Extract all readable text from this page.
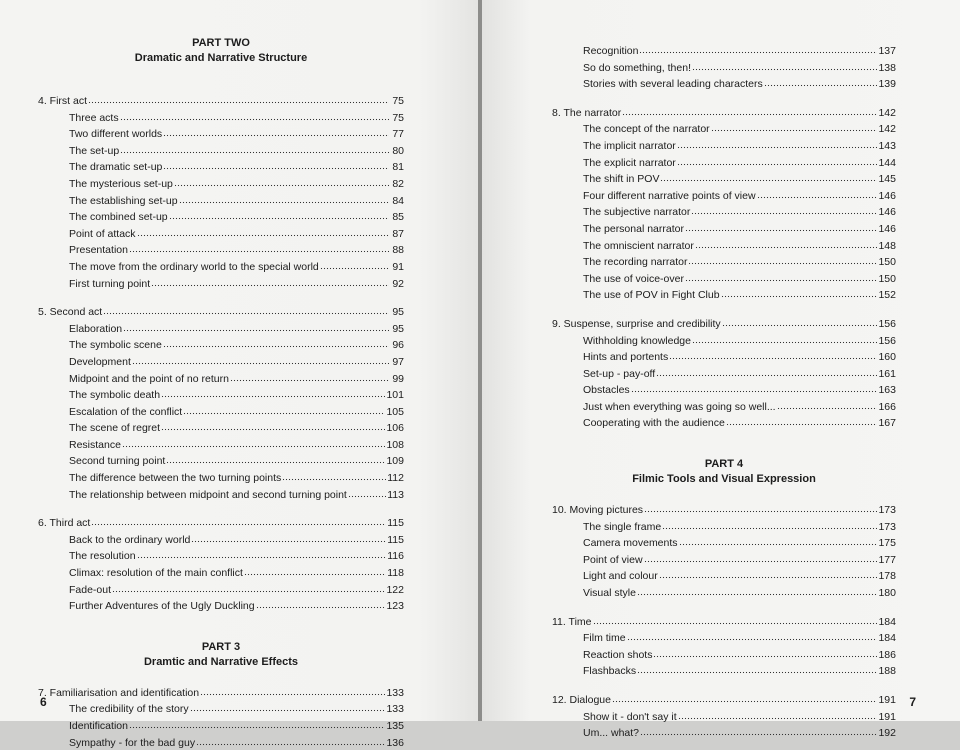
PART TWO
Dramatic and Narrative Structure
4. First act	75
Three acts	75
Two different worlds	77
The set-up	80
The dramatic set-up	81
The mysterious set-up	82
The establishing set-up	84
The combined set-up	85
Point of attack	87
Presentation	88
The move from the ordinary world to the special world	91
First turning point	92
5. Second act	95
Elaboration	95
The symbolic scene	96
Development	97
Midpoint and the point of no return	99
The symbolic death	101
Escalation of the conflict	105
The scene of regret	106
Resistance	108
Second turning point	109
The difference between the two turning points	112
The relationship between midpoint and second turning point	113
6. Third act	115
Back to the ordinary world	115
The resolution	116
Climax: resolution of the main conflict	118
Fade-out	122
Further Adventures of the Ugly Duckling	123
PART 3
Dramtic and Narrative Effects
7. Familiarisation and identification	133
The credibility of the story	133
Identification	135
Sympathy - for the bad guy	136
6	7
Recognition	137
So do something, then!	138
Stories with several leading characters	139
8. The narrator	142
The concept of the narrator	142
The implicit narrator	143
The explicit narrator	144
The shift in POV	145
Four different narrative points of view	146
The subjective narrator	146
The personal narrator	146
The omniscient narrator	148
The recording narrator	150
The use of voice-over	150
The use of POV in Fight Club	152
9. Suspense, surprise and credibility	156
Withholding knowledge	156
Hints and portents	160
Set-up - pay-off	161
Obstacles	163
Just when everything was going so well...	166
Cooperating with the audience	167
PART 4
Filmic Tools and Visual Expression
10. Moving pictures	173
The single frame	173
Camera movements	175
Point of view	177
Light and colour	178
Visual style	180
11. Time	184
Film time	184
Reaction shots	186
Flashbacks	188
12. Dialogue	191
Show it - don't say it	191
Um... what?	192
